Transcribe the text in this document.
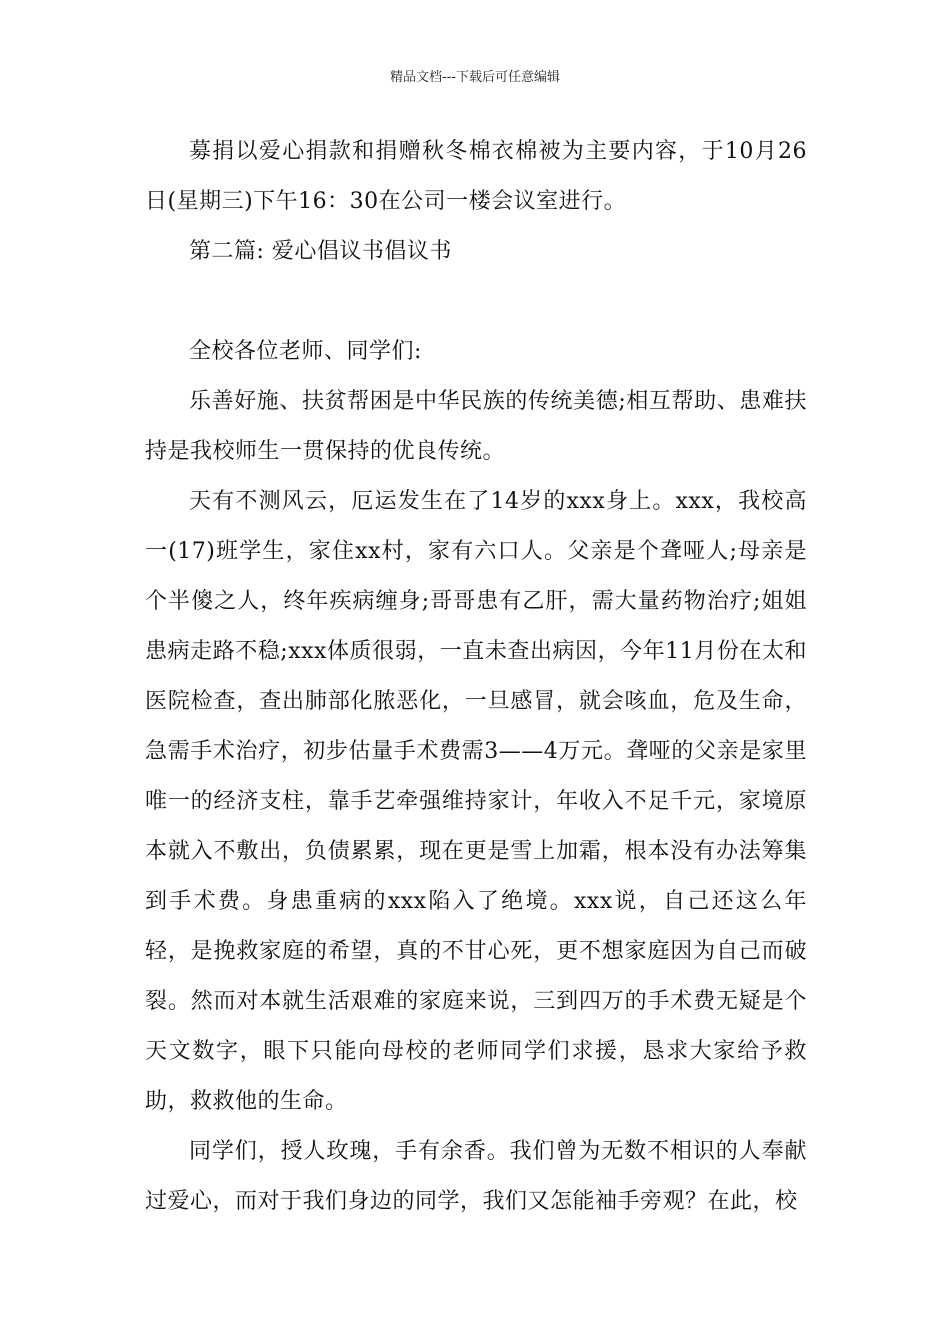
精品文档---下载后可任意编辑

募捐以爱心捐款和捐赠秋冬棉衣棉被为主要内容，于10月26日(星期三)下午16：30在公司一楼会议室进行。

第二篇: 爱心倡议书倡议书

全校各位老师、同学们:

乐善好施、扶贫帮困是中华民族的传统美德;相互帮助、患难扶持是我校师生一贯保持的优良传统。

天有不测风云，厄运发生在了14岁的xxx身上。xxx，我校高一(17)班学生，家住xx村，家有六口人。父亲是个聋哑人;母亲是个半傻之人，终年疾病缠身;哥哥患有乙肝，需大量药物治疗;姐姐患病走路不稳;xxx体质很弱，一直未查出病因，今年11月份在太和医院检查，查出肺部化脓恶化，一旦感冒，就会咳血，危及生命，急需手术治疗，初步估量手术费需3——4万元。聋哑的父亲是家里唯一的经济支柱，靠手艺牵强维持家计，年收入不足千元，家境原本就入不敷出，负债累累，现在更是雪上加霜，根本没有办法筹集到手术费。身患重病的xxx陷入了绝境。xxx说，自己还这么年轻，是挽救家庭的希望，真的不甘心死，更不想家庭因为自己而破裂。然而对本就生活艰难的家庭来说，三到四万的手术费无疑是个天文数字，眼下只能向母校的老师同学们求援，恳求大家给予救助，救救他的生命。

同学们，授人玫瑰，手有余香。我们曾为无数不相识的人奉献过爱心，而对于我们身边的同学，我们又怎能袖手旁观？在此，校
